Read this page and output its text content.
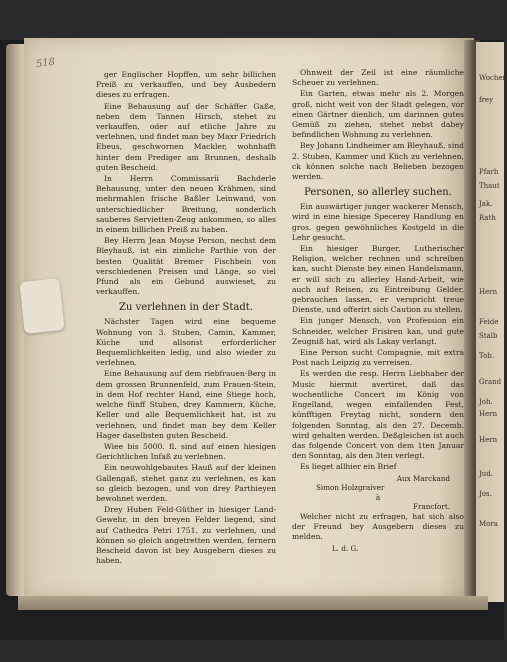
518
Wochen
frey
Pfarh
Thaut
Jak.
Rath
Hern
Feide
Stalb
Tob.
Grand
Joh.
Hern
Hern
Jud.
Jos.
Mora
ger Englischer Hopffen, um sehr billichen Preiß zu verkauffen, und bey Ausbedern dieses zu erfragen.
Eine Behausung auf der Schäffer Gaße, neben dem Tannen Hirsch, stehet zu verkauffen, oder auf etliche Jahre zu verlehnen, und findet man bey Maxr Friedrich Ebeus, geschwornen Mackler, wohnhafft hinter dem Prediger am Brunnen, deshalb guten Bescheid.
In Herrn Commissarii Bachderle Behausung, unter den neuen Krähmen, sind mehrmahlen frische Baßler Leinwand, von unterschiedlicher Breitung, sonderlich sauberes Servietten-Zeug ankommen, so alles in einem billichen Preiß zu haben.
Bey Herrn Jean Moyse Person, nechst dem Bleyhauß, ist ein zimliche Parthie von der besten Qualität Bremer Fischbein von verschiedenen Preisen und Länge, so viel Pfund als ein Gebund auswieset, zu verkauffen.
Zu verlehnen in der Stadt.
Nächster Tagen wird eine bequeme Wohnung von 3. Stuben, Camin, Kammer, Küche und allsonst erforderlicher Bequemlichkeiten ledig, und also wieder zu verlehnen.
Eine Behausung auf dem riebfrauen-Berg in dem grossen Brunnenfeld, zum Frauen-Stein, in dem Hof rechter Hand, eine Stiege hoch, welche fünff Stuben, drey Kammern, Küche, Keller und alle Bequemlichkeit hat, ist zu verlehnen, und findet man bey dem Keller Hager daselbsten guten Bescheid.
Wiee bis 5000. fl. sind auf einen hiesigen Gerichtlichen Infaß zu verlehnen.
Ein neuwohlgebautes Hauß auf der kleinen Gallengaß, stehet ganz zu verlehnen, es kan so gleich bezogen, und von drey Parthieyen bewohnet werden.
Drey Huben Feld-Güther in hiesiger Land-Gewehr, in den breyen Felder liegend, sind auf Cathedra Petri 1751. zu verlehnen, und können so gleich angetretten werden, fernern Bescheid davon ist bey Ausgebern dieses zu haben.
Ohnweit der Zeil ist eine räumliche Scheuer zu verlehnen.
Ein Garten, etwas mehr als 2. Morgen groß, nicht weit von der Stadt gelegen, vor einen Gärtner dienlich, um darinnen gutes Gemüß zu ziehen, stehet nebst dabey befindlichen Wohnung zu verlehnen.
Bey Johann Lindheimer am Bleyhauß, sind 2. Stuben, Kammer und Küch zu verlehnen, ck können solche nach Belieben bezogen werden.
Personen, so allerley suchen.
Ein auswärtiger junger wackerer Mensch, wird in eine hiesige Specerey Handlung en gros. gegen gewöhnliches Kostgeld in die Lehr gesucht.
Ein hiesiger Burger, Lutherischer Religion, welcher rechnen und schreiben kan, sucht Dienste bey einen Handelsmann, er will sich zu allerley Hand-Arbeit, wie auch auf Reisen, zu Eintreibung Gelder, gebrauchen lassen, er verspricht treue Dienste, und offerirt sich Caution zu stellen.
Ein junger Mensch, von Profession ein Schneider, welcher Frisiren kan, und gute Zeugniß hat, wird als Lakay verlangt.
Eine Person sucht Compagnie, mit extra Post nach Leipzig zu verreisen.
Es werden die resp. Herrn Liebhaber der Music hiermit avertiret, daß das wochentliche Concert im König von Engelland, wegen einfallenden Fest, künfftigen Freytag nicht, sondern den folgenden Sonntag, als den 27. Decemb. wird gehalten werden. Deßgleichen ist auch das folgende Concert von dem 1ten Januar den Sonntag, als den 3ten verlegt.
Es lieget allhier ein Brief
Aux Marckand
Simon Holzgraiver
à
Francfort.
Welcher nicht zu erfragen, hat sich also der Freund bey Ausgebern dieses zu melden.
L. d. G.
